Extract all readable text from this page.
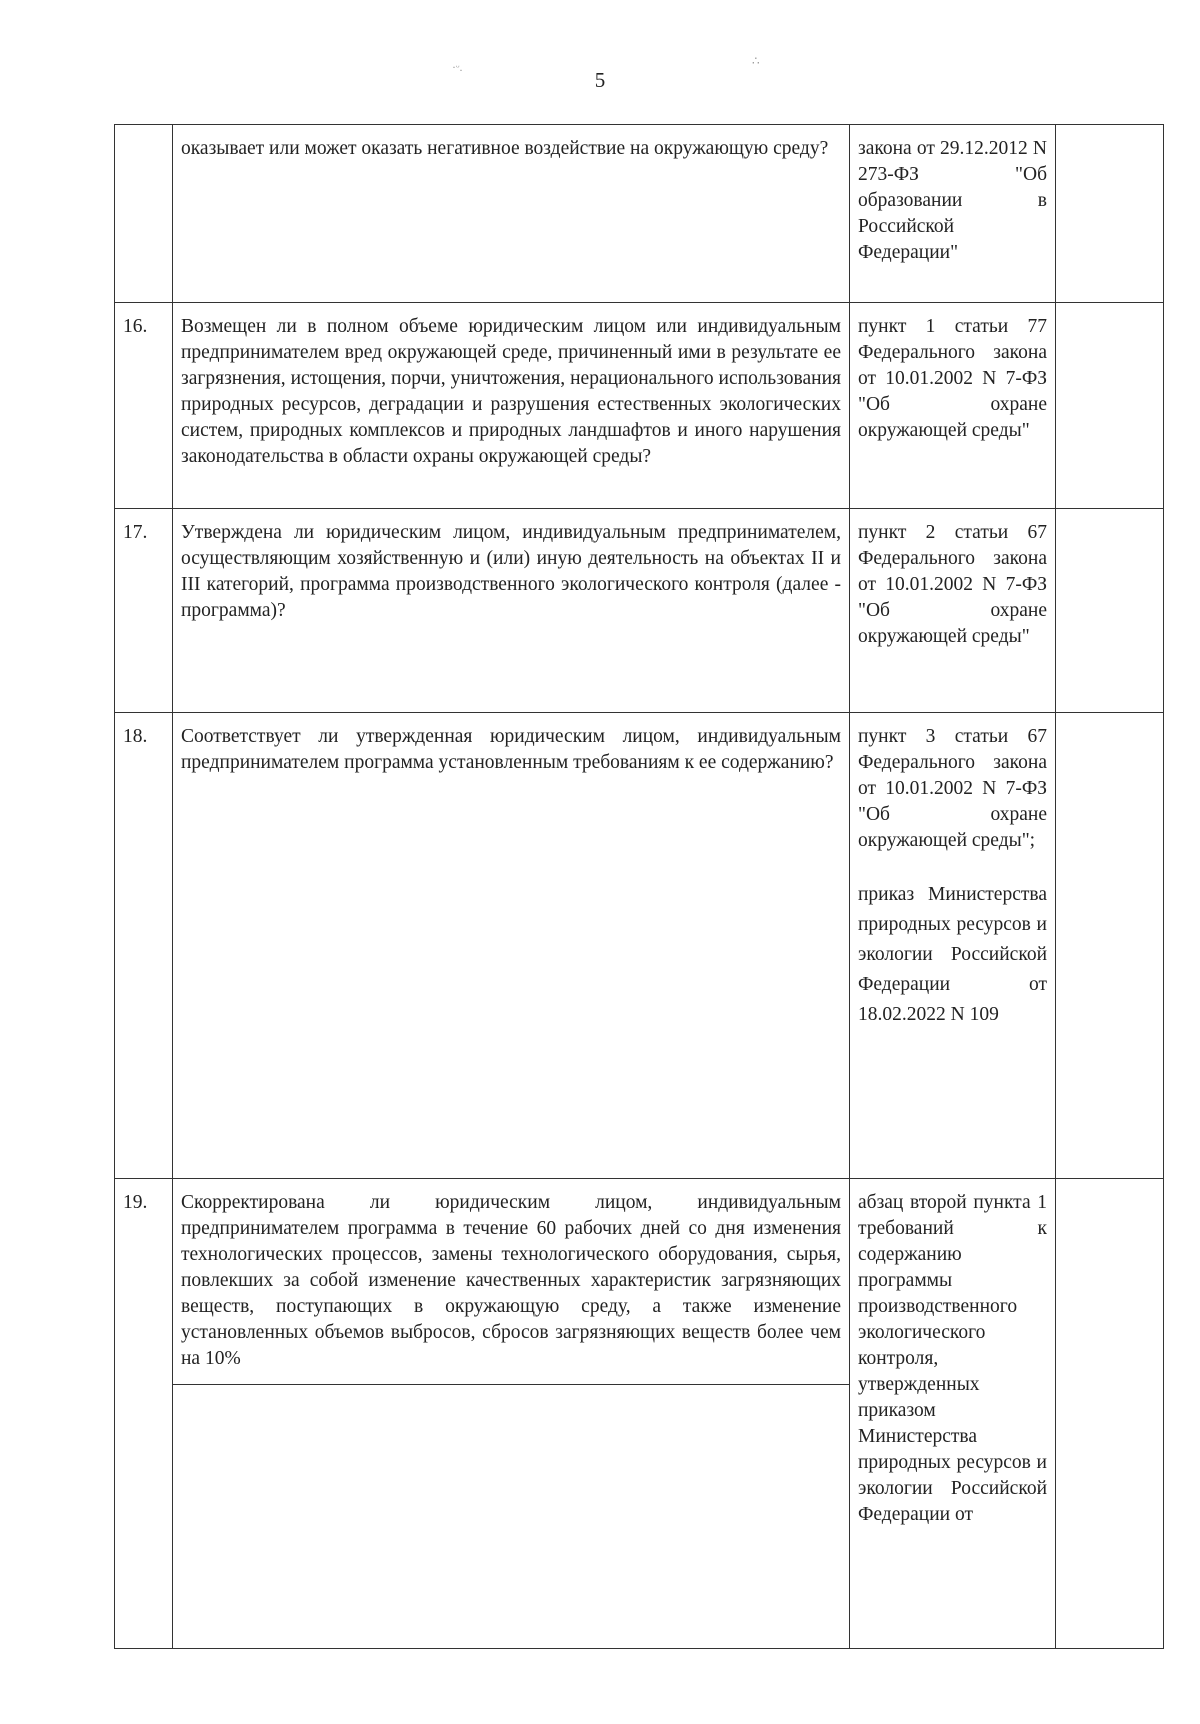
5
·ᵕ.	∴
	оказывает или может оказать негативное воздействие на окружающую среду?	закона от 29.12.2012 N 273-ФЗ "Об образовании в Российской Федерации"	
16.	Возмещен ли в полном объеме юридическим лицом или индивидуальным предпринимателем вред окружающей среде, причиненный ими в результате ее загрязнения, истощения, порчи, уничтожения, нерационального использования природных ресурсов, деградации и разрушения естественных экологических систем, природных комплексов и природных ландшафтов и иного нарушения законодательства в области охраны окружающей среды?	пункт 1 статьи 77 Федерального закона от 10.01.2002 N 7-ФЗ "Об охране окружающей среды"	
17.	Утверждена ли юридическим лицом, индивидуальным предпринимателем, осуществляющим хозяйственную и (или) иную деятельность на объектах II и III категорий, программа производственного экологического контроля (далее - программа)?	пункт 2 статьи 67 Федерального закона от 10.01.2002 N 7-ФЗ "Об охране окружающей среды"	
18.	Соответствует ли утвержденная юридическим лицом, индивидуальным предпринимателем программа установленным требованиям к ее содержанию?	пункт 3 статьи 67 Федерального закона от 10.01.2002 N 7-ФЗ "Об охране окружающей среды";
приказ Министерства природных ресурсов и экологии Российской Федерации от 18.02.2022 N 109	

19.	Скорректирована ли юридическим лицом, индивидуальным предпринимателем программа в течение 60 рабочих дней со дня изменения технологических процессов, замены технологического оборудования, сырья, повлекших за собой изменение качественных характеристик загрязняющих веществ, поступающих в окружающую среду, а также изменение установленных объемов выбросов, сбросов загрязняющих веществ более чем на 10%	абзац второй пункта 1 требований к содержанию программы производственного экологического контроля, утвержденных приказом Министерства природных ресурсов и экологии Российской Федерации от	
